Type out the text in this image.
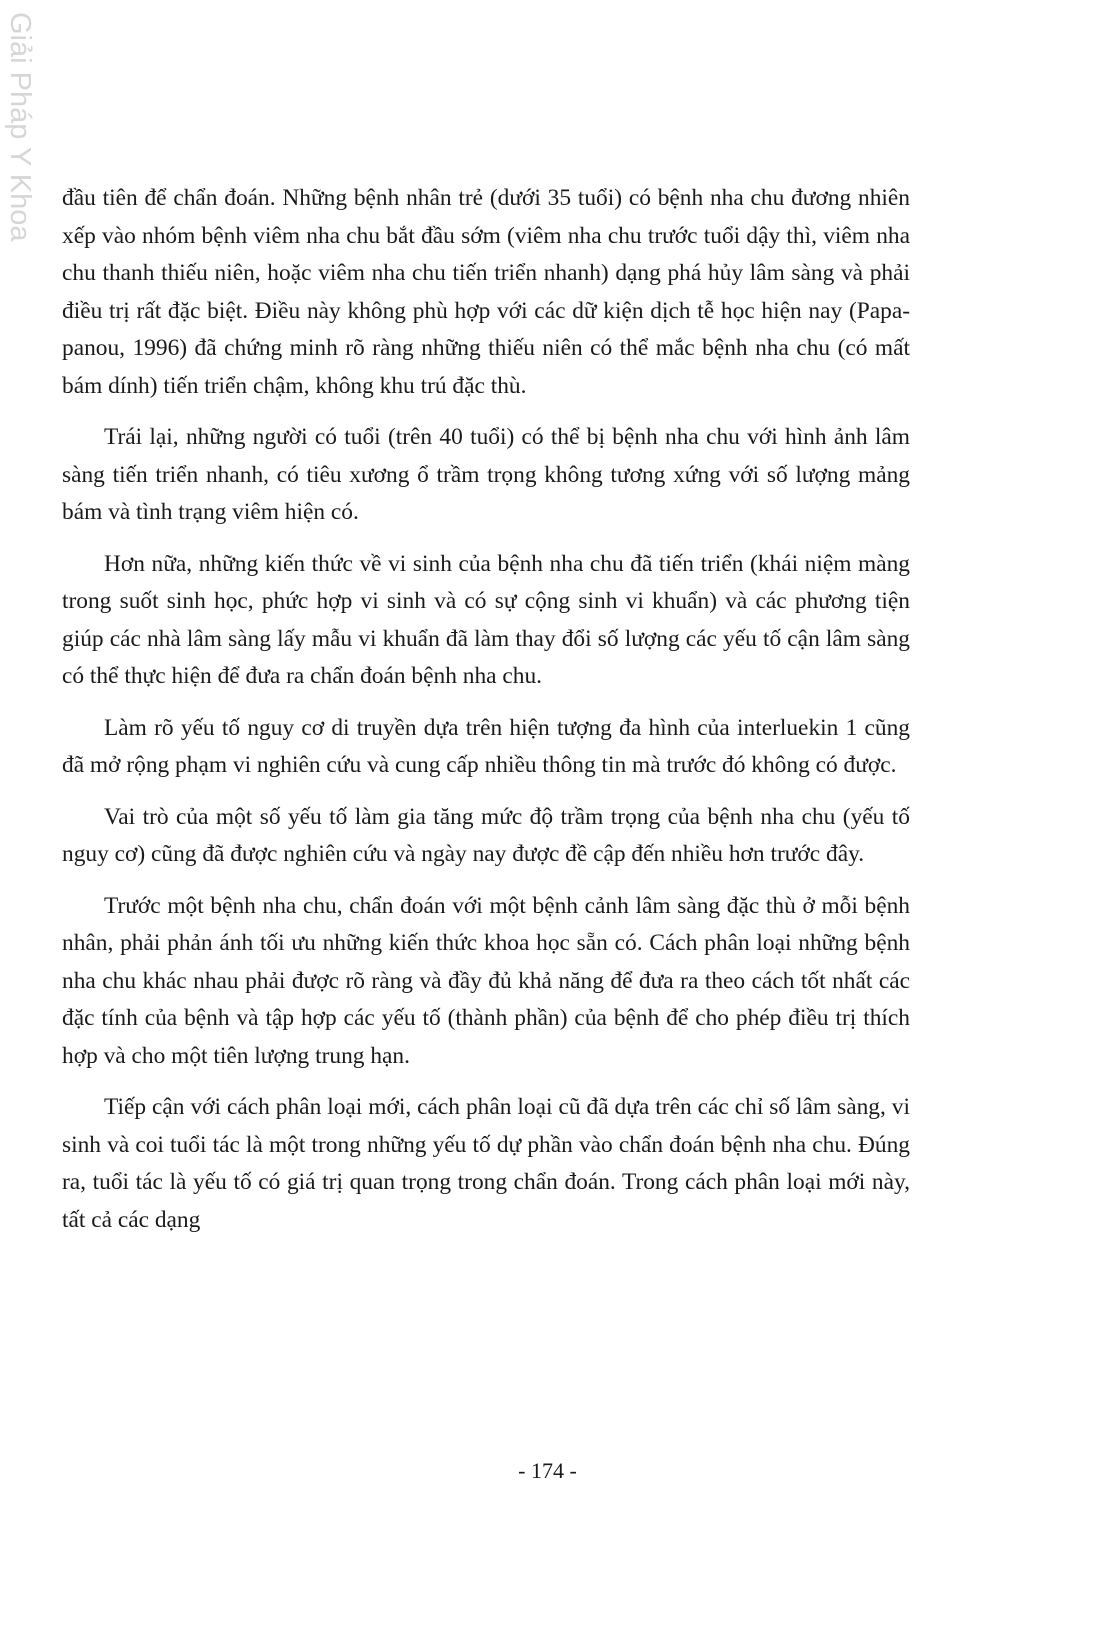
Giải Pháp Y Khoa đầu tiên để chẩn đoán. Những bệnh nhân trẻ (dưới 35 tuổi) có bệnh nha chu đương nhiên xếp vào nhóm bệnh viêm nha chu bắt đầu sớm (viêm nha chu trước tuổi dậy thì, viêm nha chu thanh thiếu niên, hoặc viêm nha chu tiến triển nhanh) dạng phá hủy lâm sàng và phải điều trị rất đặc biệt. Điều này không phù hợp với các dữ kiện dịch tễ học hiện nay (Papa-panou, 1996) đã chứng minh rõ ràng những thiếu niên có thể mắc bệnh nha chu (có mất bám dính) tiến triển chậm, không khu trú đặc thù.

Trái lại, những người có tuổi (trên 40 tuổi) có thể bị bệnh nha chu với hình ảnh lâm sàng tiến triển nhanh, có tiêu xương ổ trầm trọng không tương xứng với số lượng mảng bám và tình trạng viêm hiện có.

Hơn nữa, những kiến thức về vi sinh của bệnh nha chu đã tiến triển (khái niệm màng trong suốt sinh học, phức hợp vi sinh và có sự cộng sinh vi khuẩn) và các phương tiện giúp các nhà lâm sàng lấy mẫu vi khuẩn đã làm thay đổi số lượng các yếu tố cận lâm sàng có thể thực hiện để đưa ra chẩn đoán bệnh nha chu.

Làm rõ yếu tố nguy cơ di truyền dựa trên hiện tượng đa hình của interluekin 1 cũng đã mở rộng phạm vi nghiên cứu và cung cấp nhiều thông tin mà trước đó không có được.

Vai trò của một số yếu tố làm gia tăng mức độ trầm trọng của bệnh nha chu (yếu tố nguy cơ) cũng đã được nghiên cứu và ngày nay được đề cập đến nhiều hơn trước đây.

Trước một bệnh nha chu, chẩn đoán với một bệnh cảnh lâm sàng đặc thù ở mỗi bệnh nhân, phải phản ánh tối ưu những kiến thức khoa học sẵn có. Cách phân loại những bệnh nha chu khác nhau phải được rõ ràng và đầy đủ khả năng để đưa ra theo cách tốt nhất các đặc tính của bệnh và tập hợp các yếu tố (thành phần) của bệnh để cho phép điều trị thích hợp và cho một tiên lượng trung hạn.

Tiếp cận với cách phân loại mới, cách phân loại cũ đã dựa trên các chỉ số lâm sàng, vi sinh và coi tuổi tác là một trong những yếu tố dự phần vào chẩn đoán bệnh nha chu. Đúng ra, tuổi tác là yếu tố có giá trị quan trọng trong chẩn đoán. Trong cách phân loại mới này, tất cả các dạng

- 174 -
